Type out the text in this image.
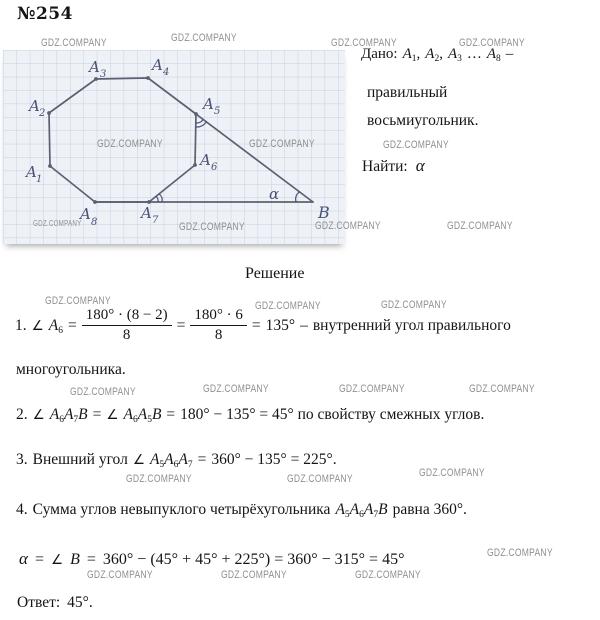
№254
A 1
A 2
A 3
A 4
A 5
A 6
A 7
A 8
B
α
Дано: $A_1$, $A_2$, $A_3$ … $A_8$ –
правильный
восьмиугольник.
Найти: α
Решение
1. ∠ $A_6 = \frac{180^\circ \cdot (8 - 2)}{8} = \frac{180^\circ \cdot 6}{8} = 135^\circ$ – внутренний угол правильного
многоугольника.
2. ∠ $A_6A_7B$ = ∠ $A_6A_5B = 180^\circ - 135^\circ = 45^\circ$ по свойству смежных углов.
3. Внешний угол ∠ $A_5A_6A_7 = 360^\circ - 135^\circ = 225^\circ$.
4. Сумма углов невыпуклого четырёхугольника $A_5A_6A_7B$ равна 360°.
α = ∠ B = 360° − (45° + 45° + 225°) = 360° − 315° = 45°
Ответ: 45°.
GDZ.COMPANY	GDZ.COMPANY	GDZ.COMPANY	GDZ.COMPANY
GDZ.COMPANY	GDZ.COMPANY	GDZ.COMPANY
GDZ.COMPANY	GDZ.COMPANY	GDZ.COMPANY	GDZ.COMPANY
GDZ.COMPANY	GDZ.COMPANY	GDZ.COMPANY
GDZ.COMPANY	GDZ.COMPANY	GDZ.COMPANY	GDZ.COMPANY
GDZ.COMPANY	GDZ.COMPANY	GDZ.COMPANY
GDZ.COMPANY
GDZ.COMPANY	GDZ.COMPANY	GDZ.COMPANY
